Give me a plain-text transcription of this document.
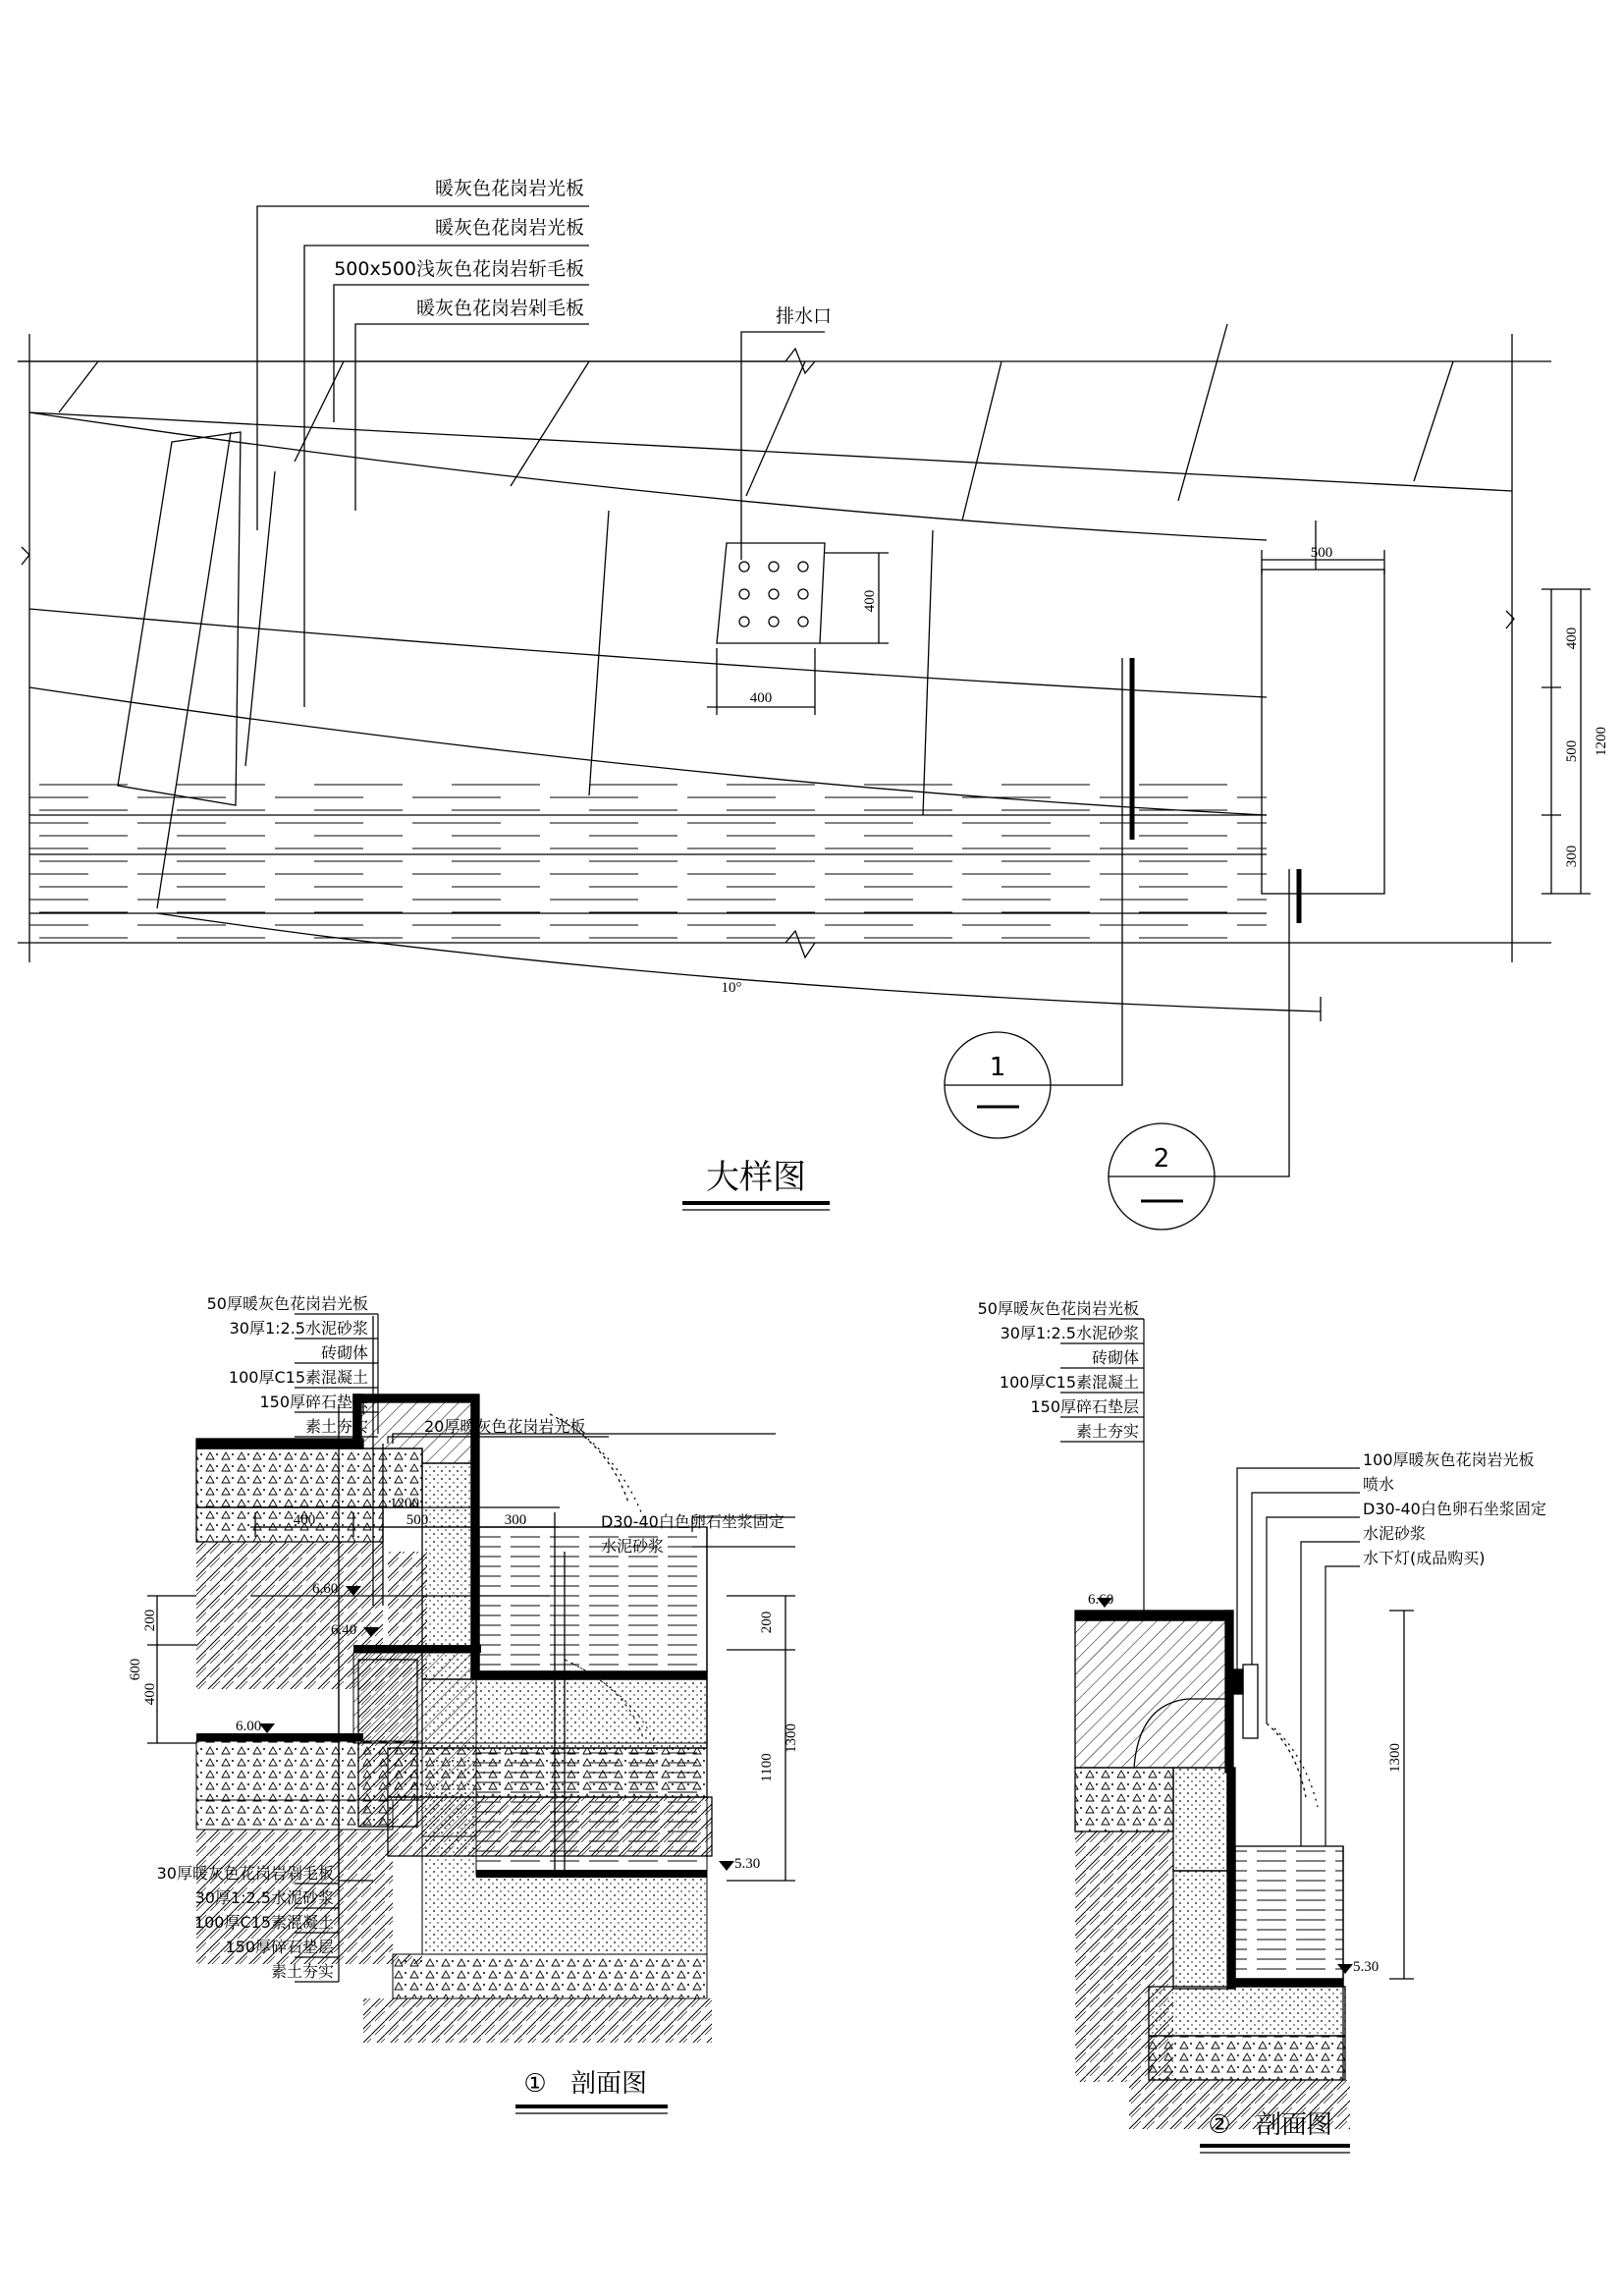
暖灰色花岗岩光板
暖灰色花岗岩光板
500x500浅灰色花岗岩斩毛板
暖灰色花岗岩剁毛板	排水口
500
400
400
400
500
300
1200
10°
1
2
大样图
50厚暖灰色花岗岩光板
30厚1:2.5水泥砂浆
砖砌体
100厚C15素混凝土
150厚碎石垫层
素土夯实	20厚暖灰色花岗岩光板
D30-40白色卵石坐浆固定
水泥砂浆
30厚暖灰色花岗岩剁毛板
30厚1:2.5水泥砂浆
100厚C15素混凝土
150厚碎石垫层
素土夯实
1200
400	500	300
6.60
6.40
6.00
5.30
200
400
600
200
1100
1300
① 剖面图
50厚暖灰色花岗岩光板
30厚1:2.5水泥砂浆
砖砌体
100厚C15素混凝土
150厚碎石垫层
素土夯实
100厚暖灰色花岗岩光板
喷水
D30-40白色卵石坐浆固定
水泥砂浆
水下灯(成品购买)
6.60
5.30
1300
② 剖面图
